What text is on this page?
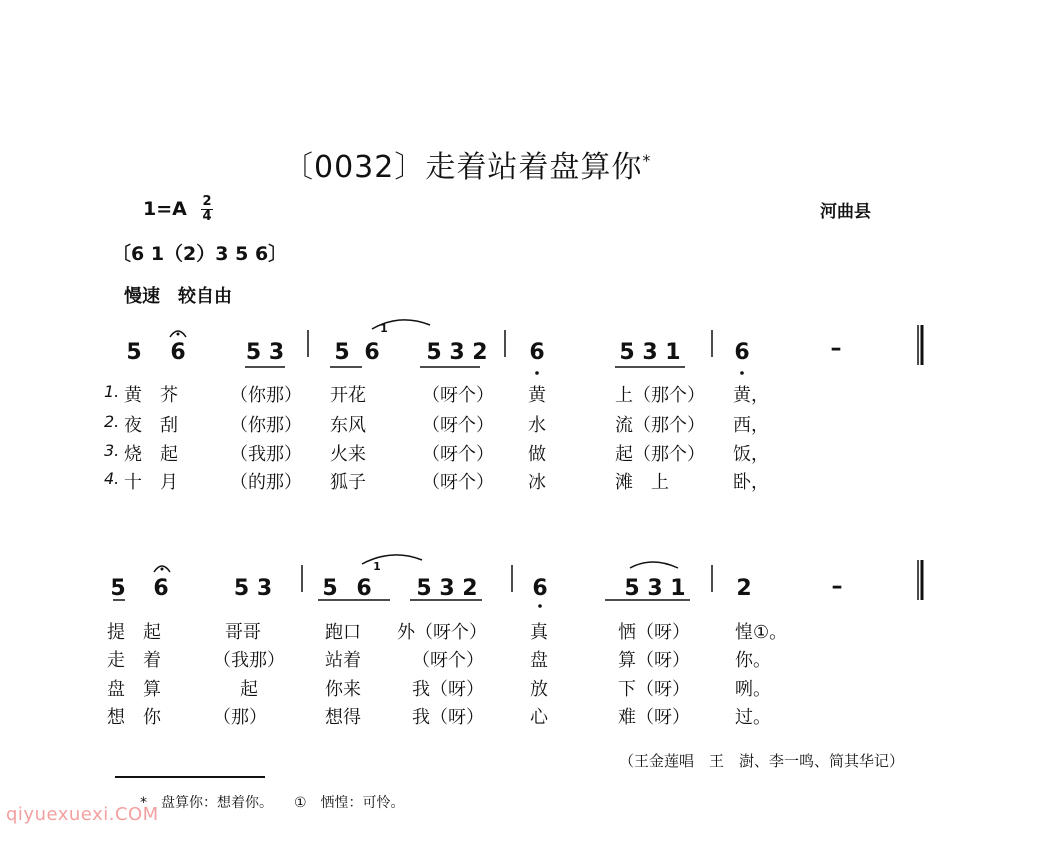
〔0032〕走着站着盘算你*
$1=A \frac{2}{4}$	河曲县
〔6 1（2）3 5 6〕
慢速　较自由
5 6	5 3 5 6 5 3 2 6	5 3 1 6	–
1
1.
2.
3.
4.
黄　芥	（你那） 开花	（呀个） 黄	上（那个） 黄，
夜　刮	（你那） 东风	（呀个） 水	流（那个） 西，
烧　起	（我那） 火来	（呀个） 做	起（那个） 饭，
十　月	（的那） 狐子	（呀个） 冰	滩　上	卧，
5 6	5 3 5 6 5 3 2 6	5 3 1 2	–
1
提　起	哥哥	跑口 外（呀个） 真	恓（呀）	惶①。
走　着	（我那） 站着	（呀个）	盘	算（呀）	你。
盘　算	起	你来	我（呀）	放	下（呀）	咧。
想　你	（那）	想得	我（呀）	心	难（呀）	过。
（王金莲唱　王　澍、李一鸣、简其华记）
*　盘算你：想着你。　　①　恓惶：可怜。
qiyuexuexi.COM
